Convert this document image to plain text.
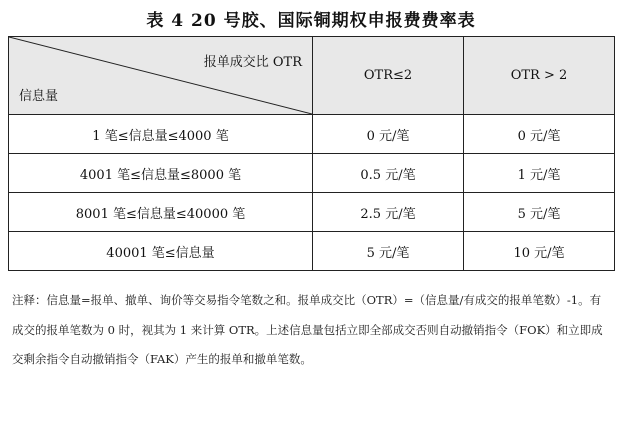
表 4 20 号胶、国际铜期权申报费费率表
报单成交比 OTR
信息量	OTR≤2	OTR > 2
1 笔≤信息量≤4000 笔	0 元/笔	0 元/笔
4001 笔≤信息量≤8000 笔	0.5 元/笔	1 元/笔
8001 笔≤信息量≤40000 笔	2.5 元/笔	5 元/笔
40001 笔≤信息量	5 元/笔	10 元/笔
注释：信息量=报单、撤单、询价等交易指令笔数之和。报单成交比（OTR）=（信息量/有成交的报单笔数）-1。有成交的报单笔数为 0 时，视其为 1 来计算 OTR。上述信息量包括立即全部成交否则自动撤销指令（FOK）和立即成交剩余指令自动撤销指令（FAK）产生的报单和撤单笔数。
